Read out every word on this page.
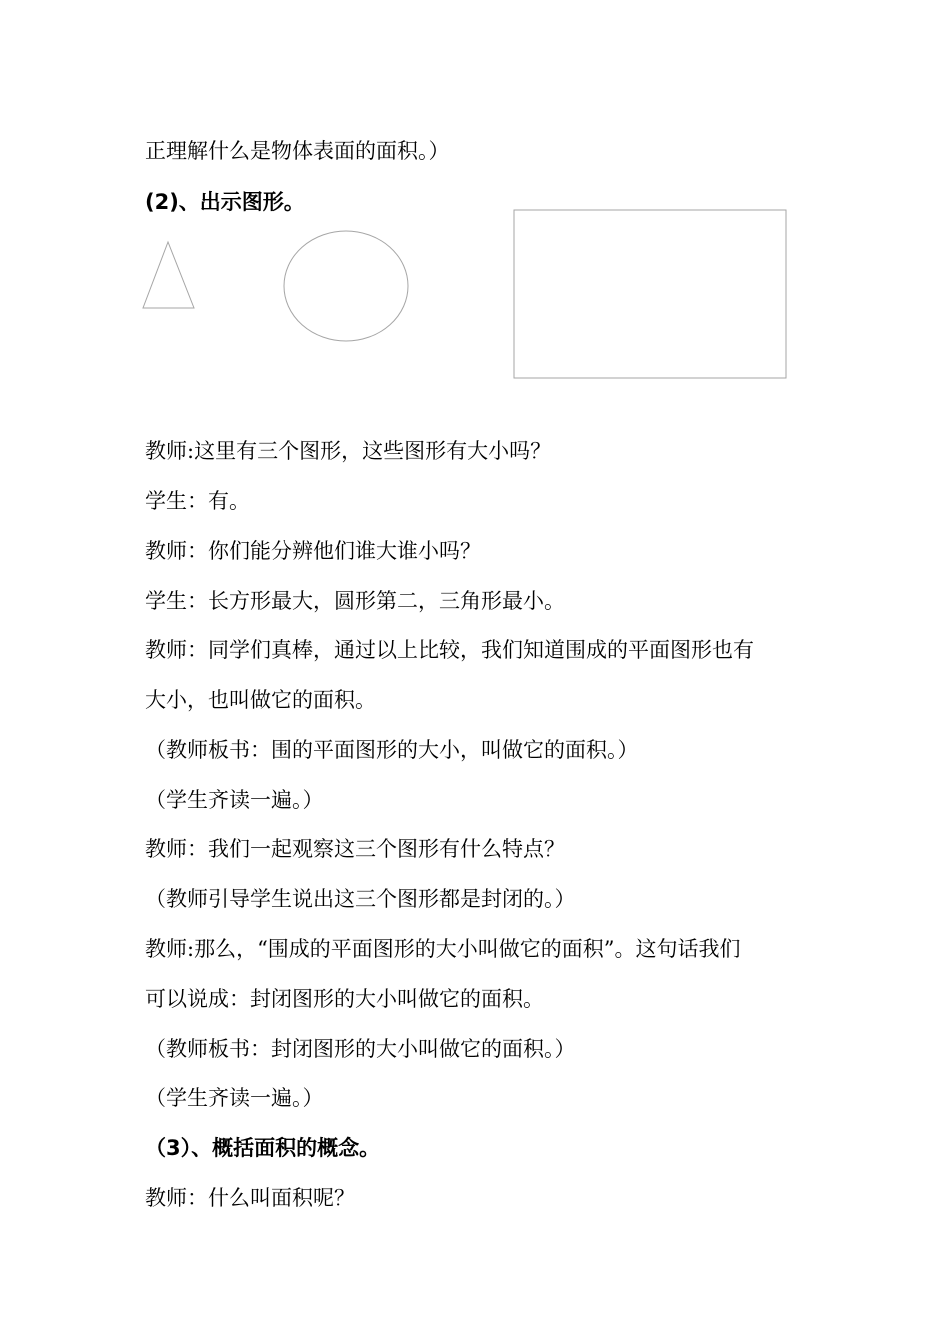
正理解什么是物体表面的面积。）
(2)、出示图形。
教师:这里有三个图形，这些图形有大小吗？
学生：有。
教师：你们能分辨他们谁大谁小吗？
学生：长方形最大，圆形第二，三角形最小。
教师：同学们真棒，通过以上比较，我们知道围成的平面图形也有
大小，也叫做它的面积。
（教师板书：围的平面图形的大小，叫做它的面积。）
（学生齐读一遍。）
教师：我们一起观察这三个图形有什么特点？
（教师引导学生说出这三个图形都是封闭的。）
教师:那么，“围成的平面图形的大小叫做它的面积”。这句话我们
可以说成：封闭图形的大小叫做它的面积。
（教师板书：封闭图形的大小叫做它的面积。）
（学生齐读一遍。）
（3）、概括面积的概念。
教师：什么叫面积呢？
